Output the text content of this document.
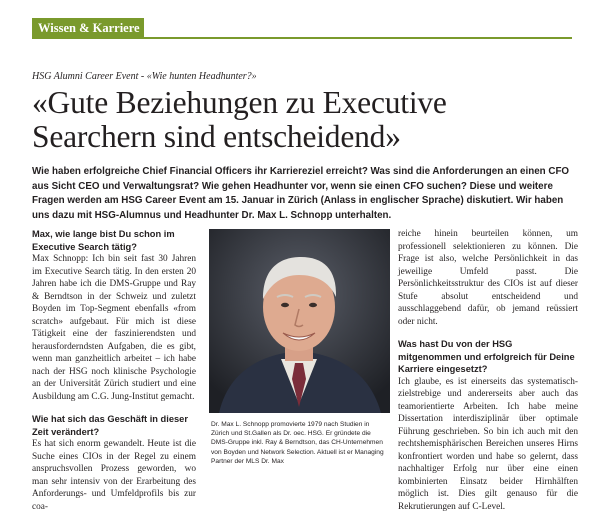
Wissen & Karriere
HSG Alumni Career Event - «Wie hunten Headhunter?»
«Gute Beziehungen zu Executive
Searchern sind entscheidend»

Wie haben erfolgreiche Chief Financial Officers ihr Karriereziel erreicht? Was sind die Anforderungen an einen CFO aus Sicht CEO und Verwaltungsrat? Wie gehen Headhunter vor, wenn sie einen CFO suchen? Diese und weitere Fragen werden am HSG Career Event am 15. Januar in Zürich (Anlass in englischer Sprache) diskutiert. Wir haben uns dazu mit HSG-Alumnus und Headhunter Dr. Max L. Schnopp unterhalten.

Max, wie lange bist Du schon im Executive Search tätig?

Max Schnopp: Ich bin seit fast 30 Jahren im Executive Search tätig. In den ersten 20 Jahren habe ich die DMS-Gruppe und Ray & Berndtson in der Schweiz und zuletzt Boyden im Top-Segment ebenfalls «from scratch» aufgebaut. Für mich ist diese Tätigkeit eine der faszinierendsten und herausforderndsten Aufgaben, die es gibt, wenn man ganzheitlich arbeitet – ich habe nach der HSG noch klinische Psychologie an der Universität Zürich studiert und eine Ausbildung am C.G. Jung-Institut gemacht.

Wie hat sich das Geschäft in dieser Zeit verändert?

Es hat sich enorm gewandelt. Heute ist die Suche eines CIOs in der Regel zu einem anspruchsvollen Prozess geworden, wo man sehr intensiv von der Erarbeitung des Anforderungs- und Umfeldprofils bis zur coa-

Dr. Max L. Schnopp promovierte 1979 nach Studien in Zürich und St.Gallen als Dr. oec. HSG. Er gründete die DMS-Gruppe inkl. Ray & Berndtson, das CH-Unternehmen von Boyden und Network Selection. Aktuell ist er Managing Partner der MLS Dr. Max

reiche hinein beurteilen können, um professionell selektionieren zu können. Die Frage ist also, welche Persönlichkeit in das jeweilige Umfeld passt. Die Persönlichkeitsstruktur des CIOs ist auf dieser Stufe absolut entscheidend und ausschlaggebend dafür, ob jemand reüssiert oder nicht.

Was hast Du von der HSG mitgenommen und erfolgreich für Deine Karriere eingesetzt?

Ich glaube, es ist einerseits das systematisch-zielstrebige und andererseits aber auch das teamorientierte Arbeiten. Ich habe meine Dissertation interdisziplinär über optimale Führung geschrieben. So bin ich auch mit den rechtshemisphärischen Bereichen unseres Hirns konfrontiert worden und habe so gelernt, dass nachhaltiger Erfolg nur über eine einen kombinierten Einsatz beider Hirnhälften möglich ist. Dies gilt genauso für die Rekrutierungen auf C-Level.
